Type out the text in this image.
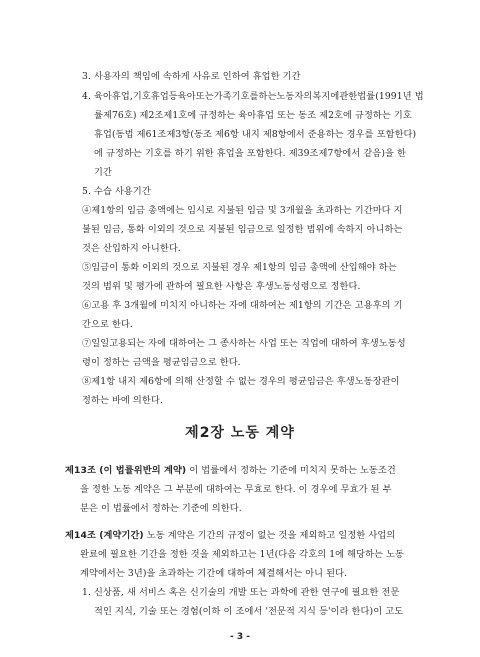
3. 사용자의 책임에 속하게 사유로 인하여 휴업한 기간
4. 육아휴업,기호휴업등육아또는가족기호를하는노동자의복지에관한법률(1991년 법
률제76호) 제2조제1호에 규정하는 육아휴업 또는 동조 제2호에 규정하는 기호
휴업(동법 제61조제3항(동조 제6항 내지 제8항에서 준용하는 경우를 포함한다)
에 규정하는 기호를 하기 위한 휴업을 포함한다. 제39조제7항에서 같음)을 한
기간
5. 수습 사용기간
④제1항의 임금 총액에는 임시로 지불된 임금 및 3개월을 초과하는 기간마다 지
불된 임금, 통화 이외의 것으로 지불된 임금으로 일정한 범위에 속하지 아니하는
것은 산입하지 아니한다.
⑤임금이 통화 이외의 것으로 지불된 경우 제1항의 임금 총액에 산입해야 하는
것의 범위 및 평가에 관하여 필요한 사항은 후생노동성령으로 정한다.
⑥고용 후 3개월에 미치지 아니하는 자에 대하여는 제1항의 기간은 고용후의 기
간으로 한다.
⑦일일고용되는 자에 대하여는 그 종사하는 사업 또는 직업에 대하여 후생노동성
령이 정하는 금액을 평균임금으로 한다.
⑧제1항 내지 제6항에 의해 산정할 수 없는 경우의 평균임금은 후생노동장관이
정하는 바에 의한다.
제2장 노동 계약
제13조 (이 법률위반의 계약) 이 법률에서 정하는 기준에 미치지 못하는 노동조건
을 정한 노동 계약은 그 부분에 대하여는 무효로 한다. 이 경우에 무효가 된 부
분은 이 법률에서 정하는 기준에 의한다.
제14조 (계약기간) 노동 계약은 기간의 규정이 없는 것을 제외하고 일정한 사업의
완료에 필요한 기간을 정한 것을 제외하고는 1년(다음 각호의 1에 해당하는 노동
계약에서는 3년)을 초과하는 기간에 대하여 체결해서는 아니 된다.
1. 신상품, 새 서비스 혹은 신기술의 개발 또는 과학에 관한 연구에 필요한 전문
적인 지식, 기술 또는 경험(이하 이 조에서 '전문적 지식 등'이라 한다)이 고도
- 3 -
